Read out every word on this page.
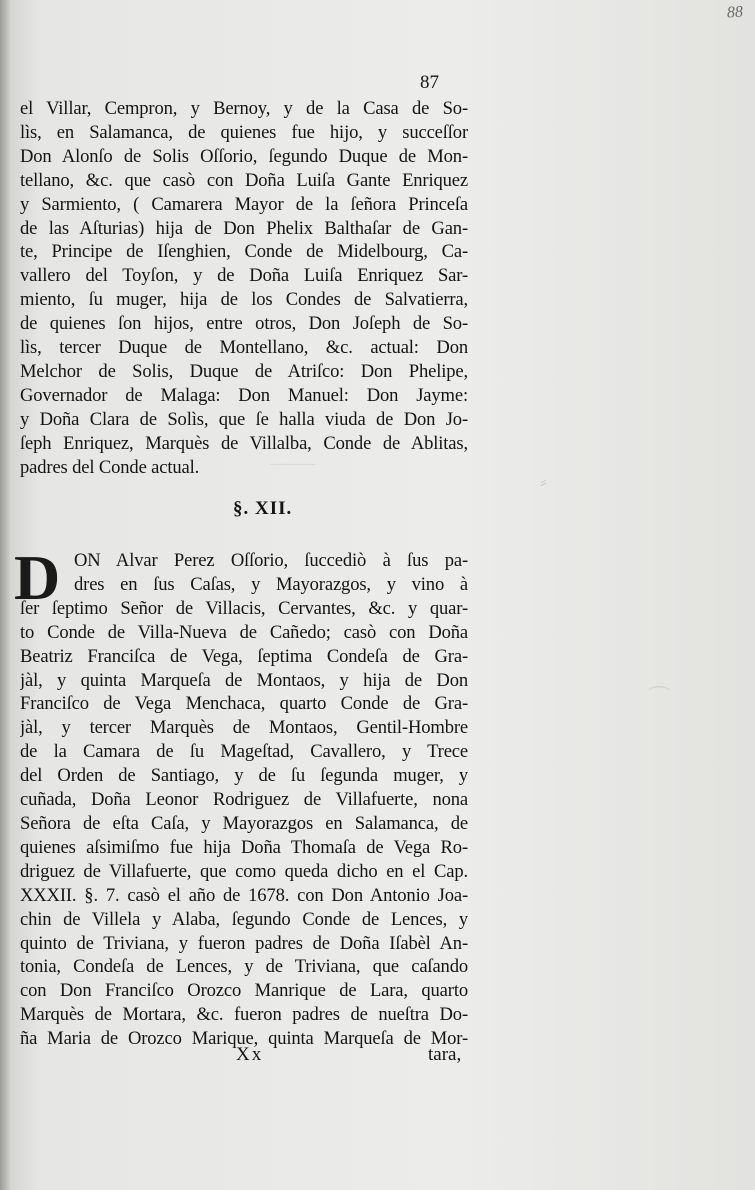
―――
⸗
⌒
88
87
el Villar, Cempron, y Bernoy, y de la Casa de So-
lìs, en Salamanca, de quienes fue hijo, y succeſſor
Don Alonſo de Solis Oſſorio, ſegundo Duque de Mon-
tellano, &c. que casò con Doña Luiſa Gante Enriquez
y Sarmiento, ( Camarera Mayor de la ſeñora Princeſa
de las Aſturias) hija de Don Phelix Balthaſar de Gan-
te, Principe de Iſenghien, Conde de Midelbourg, Ca-
vallero del Toyſon, y de Doña Luiſa Enriquez Sar-
miento, ſu muger, hija de los Condes de Salvatierra,
de quienes ſon hijos, entre otros, Don Joſeph de So-
lìs, tercer Duque de Montellano, &c. actual: Don
Melchor de Solis, Duque de Atriſco: Don Phelipe,
Governador de Malaga: Don Manuel: Don Jayme:
y Doña Clara de Solìs, que ſe halla viuda de Don Jo-
ſeph Enriquez, Marquès de Villalba, Conde de Ablitas,
padres del Conde actual.
§. XII.
D ON Alvar Perez Oſſorio, ſuccediò à ſus pa-
dres en ſus Caſas, y Mayorazgos, y vino à
ſer ſeptimo Señor de Villacis, Cervantes, &c. y quar-
to Conde de Villa-Nueva de Cañedo; casò con Doña
Beatriz Franciſca de Vega, ſeptima Condeſa de Gra-
jàl, y quinta Marqueſa de Montaos, y hija de Don
Franciſco de Vega Menchaca, quarto Conde de Gra-
jàl, y tercer Marquès de Montaos, Gentil-Hombre
de la Camara de ſu Mageſtad, Cavallero, y Trece
del Orden de Santiago, y de ſu ſegunda muger, y
cuñada, Doña Leonor Rodriguez de Villafuerte, nona
Señora de eſta Caſa, y Mayorazgos en Salamanca, de
quienes aſsimiſmo fue hija Doña Thomaſa de Vega Ro-
driguez de Villafuerte, que como queda dicho en el Cap.
XXXII. §. 7. casò el año de 1678. con Don Antonio Joa-
chin de Villela y Alaba, ſegundo Conde de Lences, y
quinto de Triviana, y fueron padres de Doña Iſabèl An-
tonia, Condeſa de Lences, y de Triviana, que caſando
con Don Franciſco Orozco Manrique de Lara, quarto
Marquès de Mortara, &c. fueron padres de nueſtra Do-
ña Maria de Orozco Marique, quinta Marqueſa de Mor-
Xx	tara,
